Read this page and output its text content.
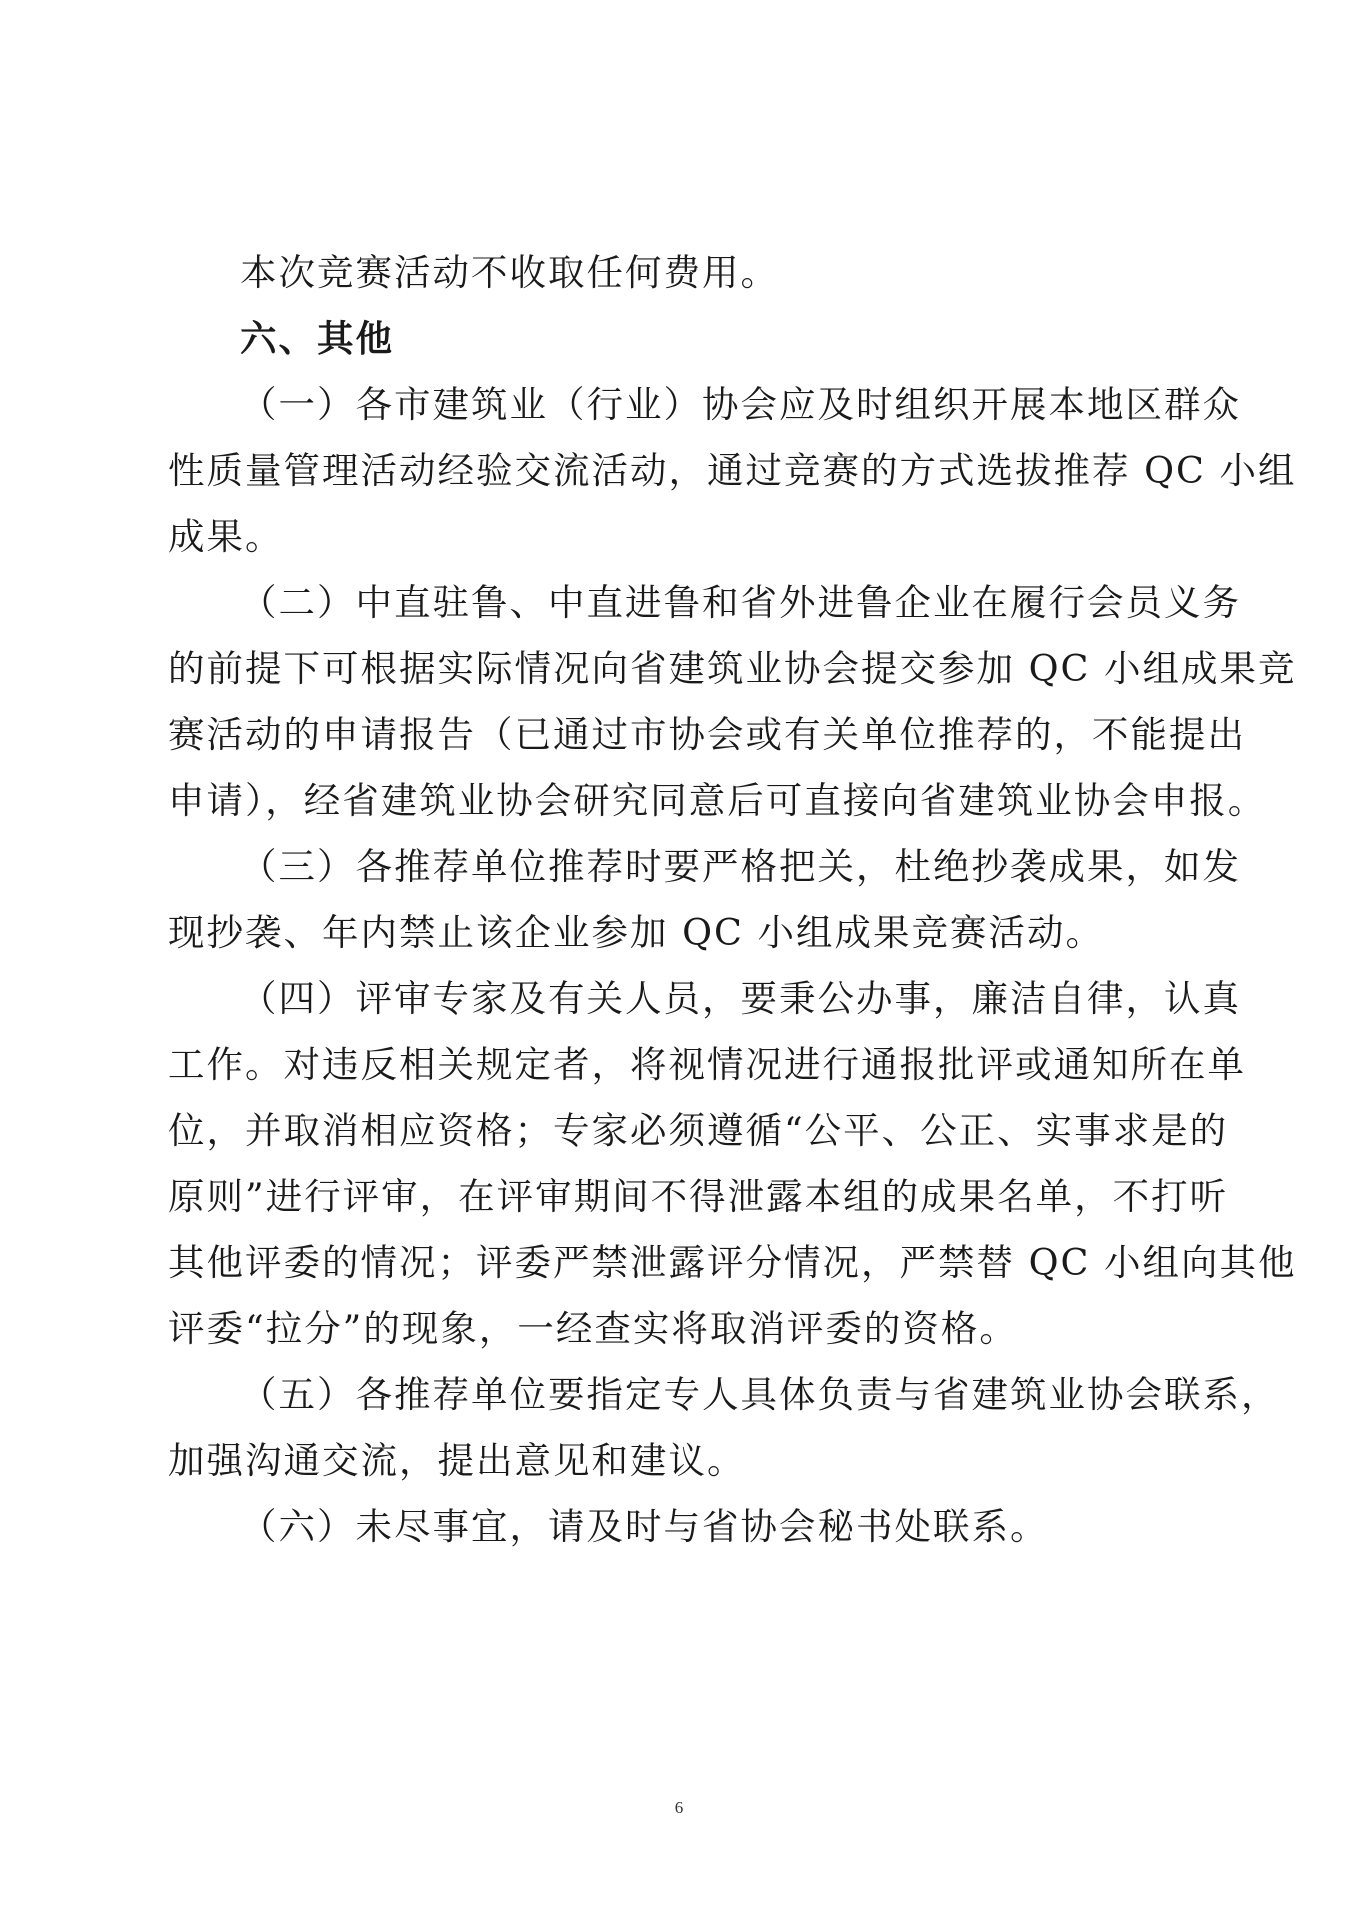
本次竞赛活动不收取任何费用。
六、其他
（一）各市建筑业（行业）协会应及时组织开展本地区群众
性质量管理活动经验交流活动，通过竞赛的方式选拔推荐 QC 小组
成果。
（二）中直驻鲁、中直进鲁和省外进鲁企业在履行会员义务
的前提下可根据实际情况向省建筑业协会提交参加 QC 小组成果竞
赛活动的申请报告（已通过市协会或有关单位推荐的，不能提出
申请），经省建筑业协会研究同意后可直接向省建筑业协会申报。
（三）各推荐单位推荐时要严格把关，杜绝抄袭成果，如发
现抄袭、年内禁止该企业参加 QC 小组成果竞赛活动。
（四）评审专家及有关人员，要秉公办事，廉洁自律，认真
工作。对违反相关规定者，将视情况进行通报批评或通知所在单
位，并取消相应资格；专家必须遵循“公平、公正、实事求是的
原则”进行评审，在评审期间不得泄露本组的成果名单，不打听
其他评委的情况；评委严禁泄露评分情况，严禁替 QC 小组向其他
评委“拉分”的现象，一经查实将取消评委的资格。
（五）各推荐单位要指定专人具体负责与省建筑业协会联系，
加强沟通交流，提出意见和建议。
（六）未尽事宜，请及时与省协会秘书处联系。
6
